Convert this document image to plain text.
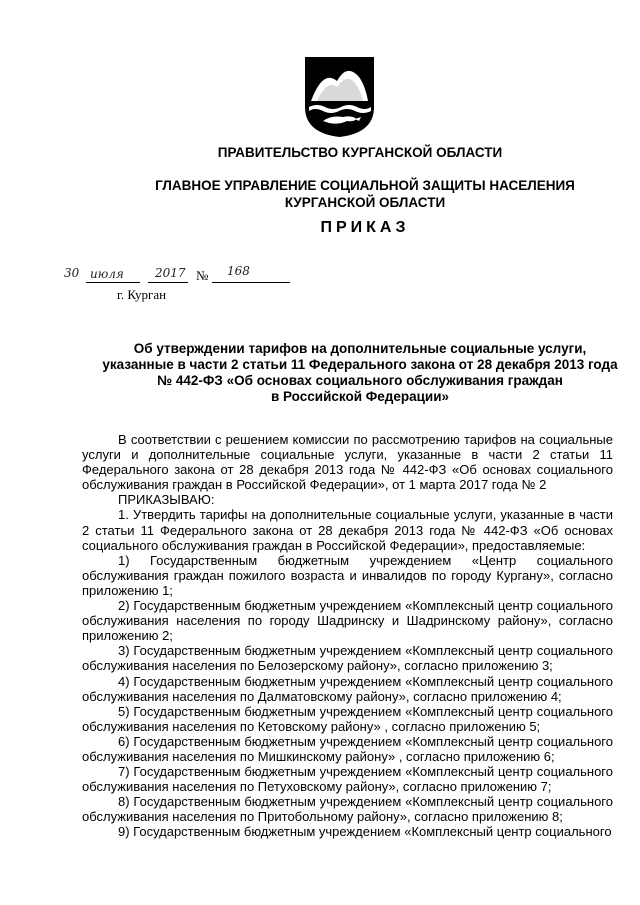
ПРАВИТЕЛЬСТВО КУРГАНСКОЙ ОБЛАСТИ
ГЛАВНОЕ УПРАВЛЕНИЕ СОЦИАЛЬНОЙ ЗАЩИТЫ НАСЕЛЕНИЯ
КУРГАНСКОЙ ОБЛАСТИ
ПРИКАЗ
30 июля	2017 № 168
г. Курган
Об утверждении тарифов на дополнительные социальные услуги,
указанные в части 2 статьи 11 Федерального закона от 28 декабря 2013 года
№ 442-ФЗ «Об основах социального обслуживания граждан
в Российской Федерации»

В соответствии с решением комиссии по рассмотрению тарифов на социальные услуги и дополнительные социальные услуги, указанные в части 2 статьи 11 Федерального закона от 28 декабря 2013 года № 442-ФЗ «Об основах социального обслуживания граждан в Российской Федерации», от 1 марта 2017 года № 2

ПРИКАЗЫВАЮ:

1. Утвердить тарифы на дополнительные социальные услуги, указанные в части 2 статьи 11 Федерального закона от 28 декабря 2013 года № 442-ФЗ «Об основах социального обслуживания граждан в Российской Федерации», предоставляемые:

1) Государственным бюджетным учреждением «Центр социального обслуживания граждан пожилого возраста и инвалидов по городу Кургану», согласно приложению 1;

2) Государственным бюджетным учреждением «Комплексный центр социального обслуживания населения по городу Шадринску и Шадринскому району», согласно приложению 2;

3) Государственным бюджетным учреждением «Комплексный центр социального обслуживания населения по Белозерскому району», согласно приложению 3;

4) Государственным бюджетным учреждением «Комплексный центр социального обслуживания населения по Далматовскому району», согласно приложению 4;

5) Государственным бюджетным учреждением «Комплексный центр социального обслуживания населения по Кетовскому району» , согласно приложению 5;

6) Государственным бюджетным учреждением «Комплексный центр социального обслуживания населения по Мишкинскому району» , согласно приложению 6;

7) Государственным бюджетным учреждением «Комплексный центр социального обслуживания населения по Петуховскому району», согласно приложению 7;

8) Государственным бюджетным учреждением «Комплексный центр социального обслуживания населения по Притобольному району», согласно приложению 8;

9) Государственным бюджетным учреждением «Комплексный центр социального
